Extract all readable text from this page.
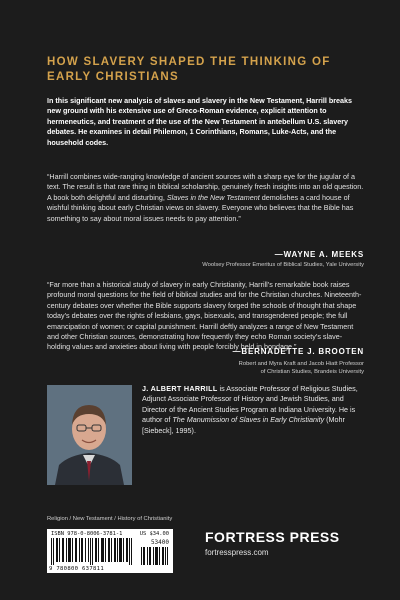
HOW SLAVERY SHAPED THE THINKING OF EARLY CHRISTIANS
In this significant new analysis of slaves and slavery in the New Testament, Harrill breaks new ground with his extensive use of Greco-Roman evidence, explicit attention to hermeneutics, and treatment of the use of the New Testament in antebellum U.S. slavery debates. He examines in detail Philemon, 1 Corinthians, Romans, Luke-Acts, and the household codes.
“Harrill combines wide-ranging knowledge of ancient sources with a sharp eye for the jugular of a text. The result is that rare thing in biblical scholarship, genuinely fresh insights into an old question. A book both delightful and disturbing, Slaves in the New Testament demolishes a card house of wishful thinking about early Christian views on slavery. Everyone who believes that the Bible has something to say about moral issues needs to pay attention.”
—WAYNE A. MEEKS
Woolsey Professor Emeritus of Biblical Studies, Yale University
“Far more than a historical study of slavery in early Christianity, Harrill’s remarkable book raises profound moral questions for the field of biblical studies and for the Christian churches. Nineteenth-century debates over whether the Bible supports slavery forged the schools of thought that shape today’s debates over the rights of lesbians, gays, bisexuals, and transgendered people; the full emancipation of women; or capital punishment. Harrill deftly analyzes a range of New Testament and other Christian sources, demonstrating how frequently they echo Roman society’s slave-holding values and anxieties about living with people forcibly held in bondage.”
—BERNADETTE J. BROOTEN
Robert and Myra Kraft and Jacob Hiatt Professor
of Christian Studies, Brandeis University
J. ALBERT HARRILL is Associate Professor of Religious Studies, Adjunct Associate Professor of History and Jewish Studies, and Director of the Ancient Studies Program at Indiana University. He is author of The Manumission of Slaves in Early Christianity (Mohr [Siebeck], 1995).
Religion / New Testament / History of Christianity
ISBN 978-0-8006-3781-1	US $34.00
53400
9 780800 637811
FORTRESS PRESS
fortresspress.com
